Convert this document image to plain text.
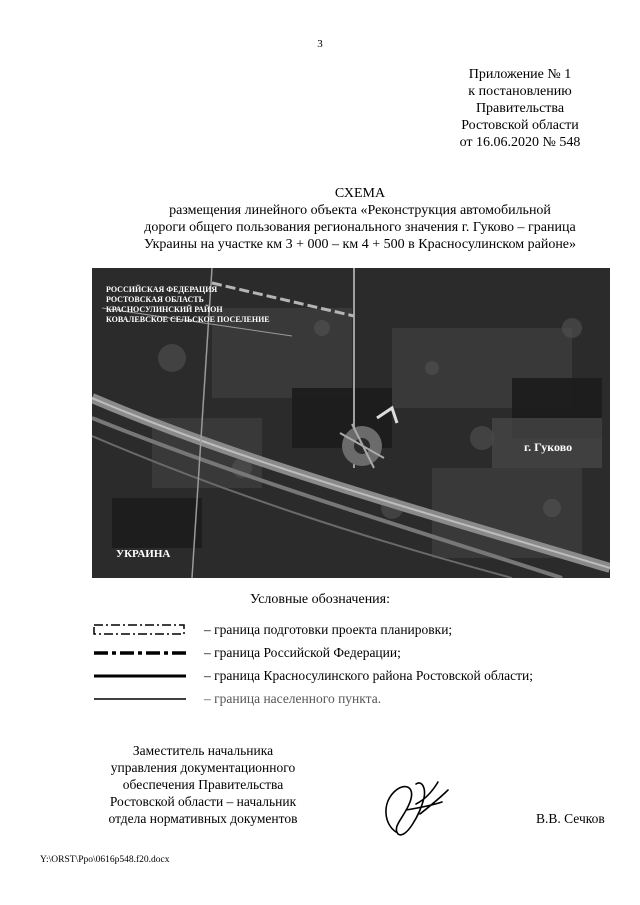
3
Приложение № 1
к постановлению
Правительства
Ростовской области
от 16.06.2020 № 548
СХЕМА
размещения линейного объекта «Реконструкция автомобильной
дороги общего пользования регионального значения г. Гуково – граница
Украины на участке км 3 + 000 – км 4 + 500 в Красносулинском районе»
РОССИЙСКАЯ ФЕДЕРАЦИЯ
РОСТОВСКАЯ ОБЛАСТЬ
КРАСНОСУЛИНСКИЙ РАЙОН
КОВАЛЕВСКОЕ СЕЛЬСКОЕ ПОСЕЛЕНИЕ
г. Гуково
УКРАИНА
Условные обозначения:
– граница подготовки проекта планировки;
– граница Российской Федерации;
– граница Красносулинского района Ростовской области;
– граница населенного пункта.
Заместитель начальника
управления документационного
обеспечения Правительства
Ростовской области – начальник
отдела нормативных документов	В.В. Сечков
Y:\ORST\Ppo\0616p548.f20.docx
